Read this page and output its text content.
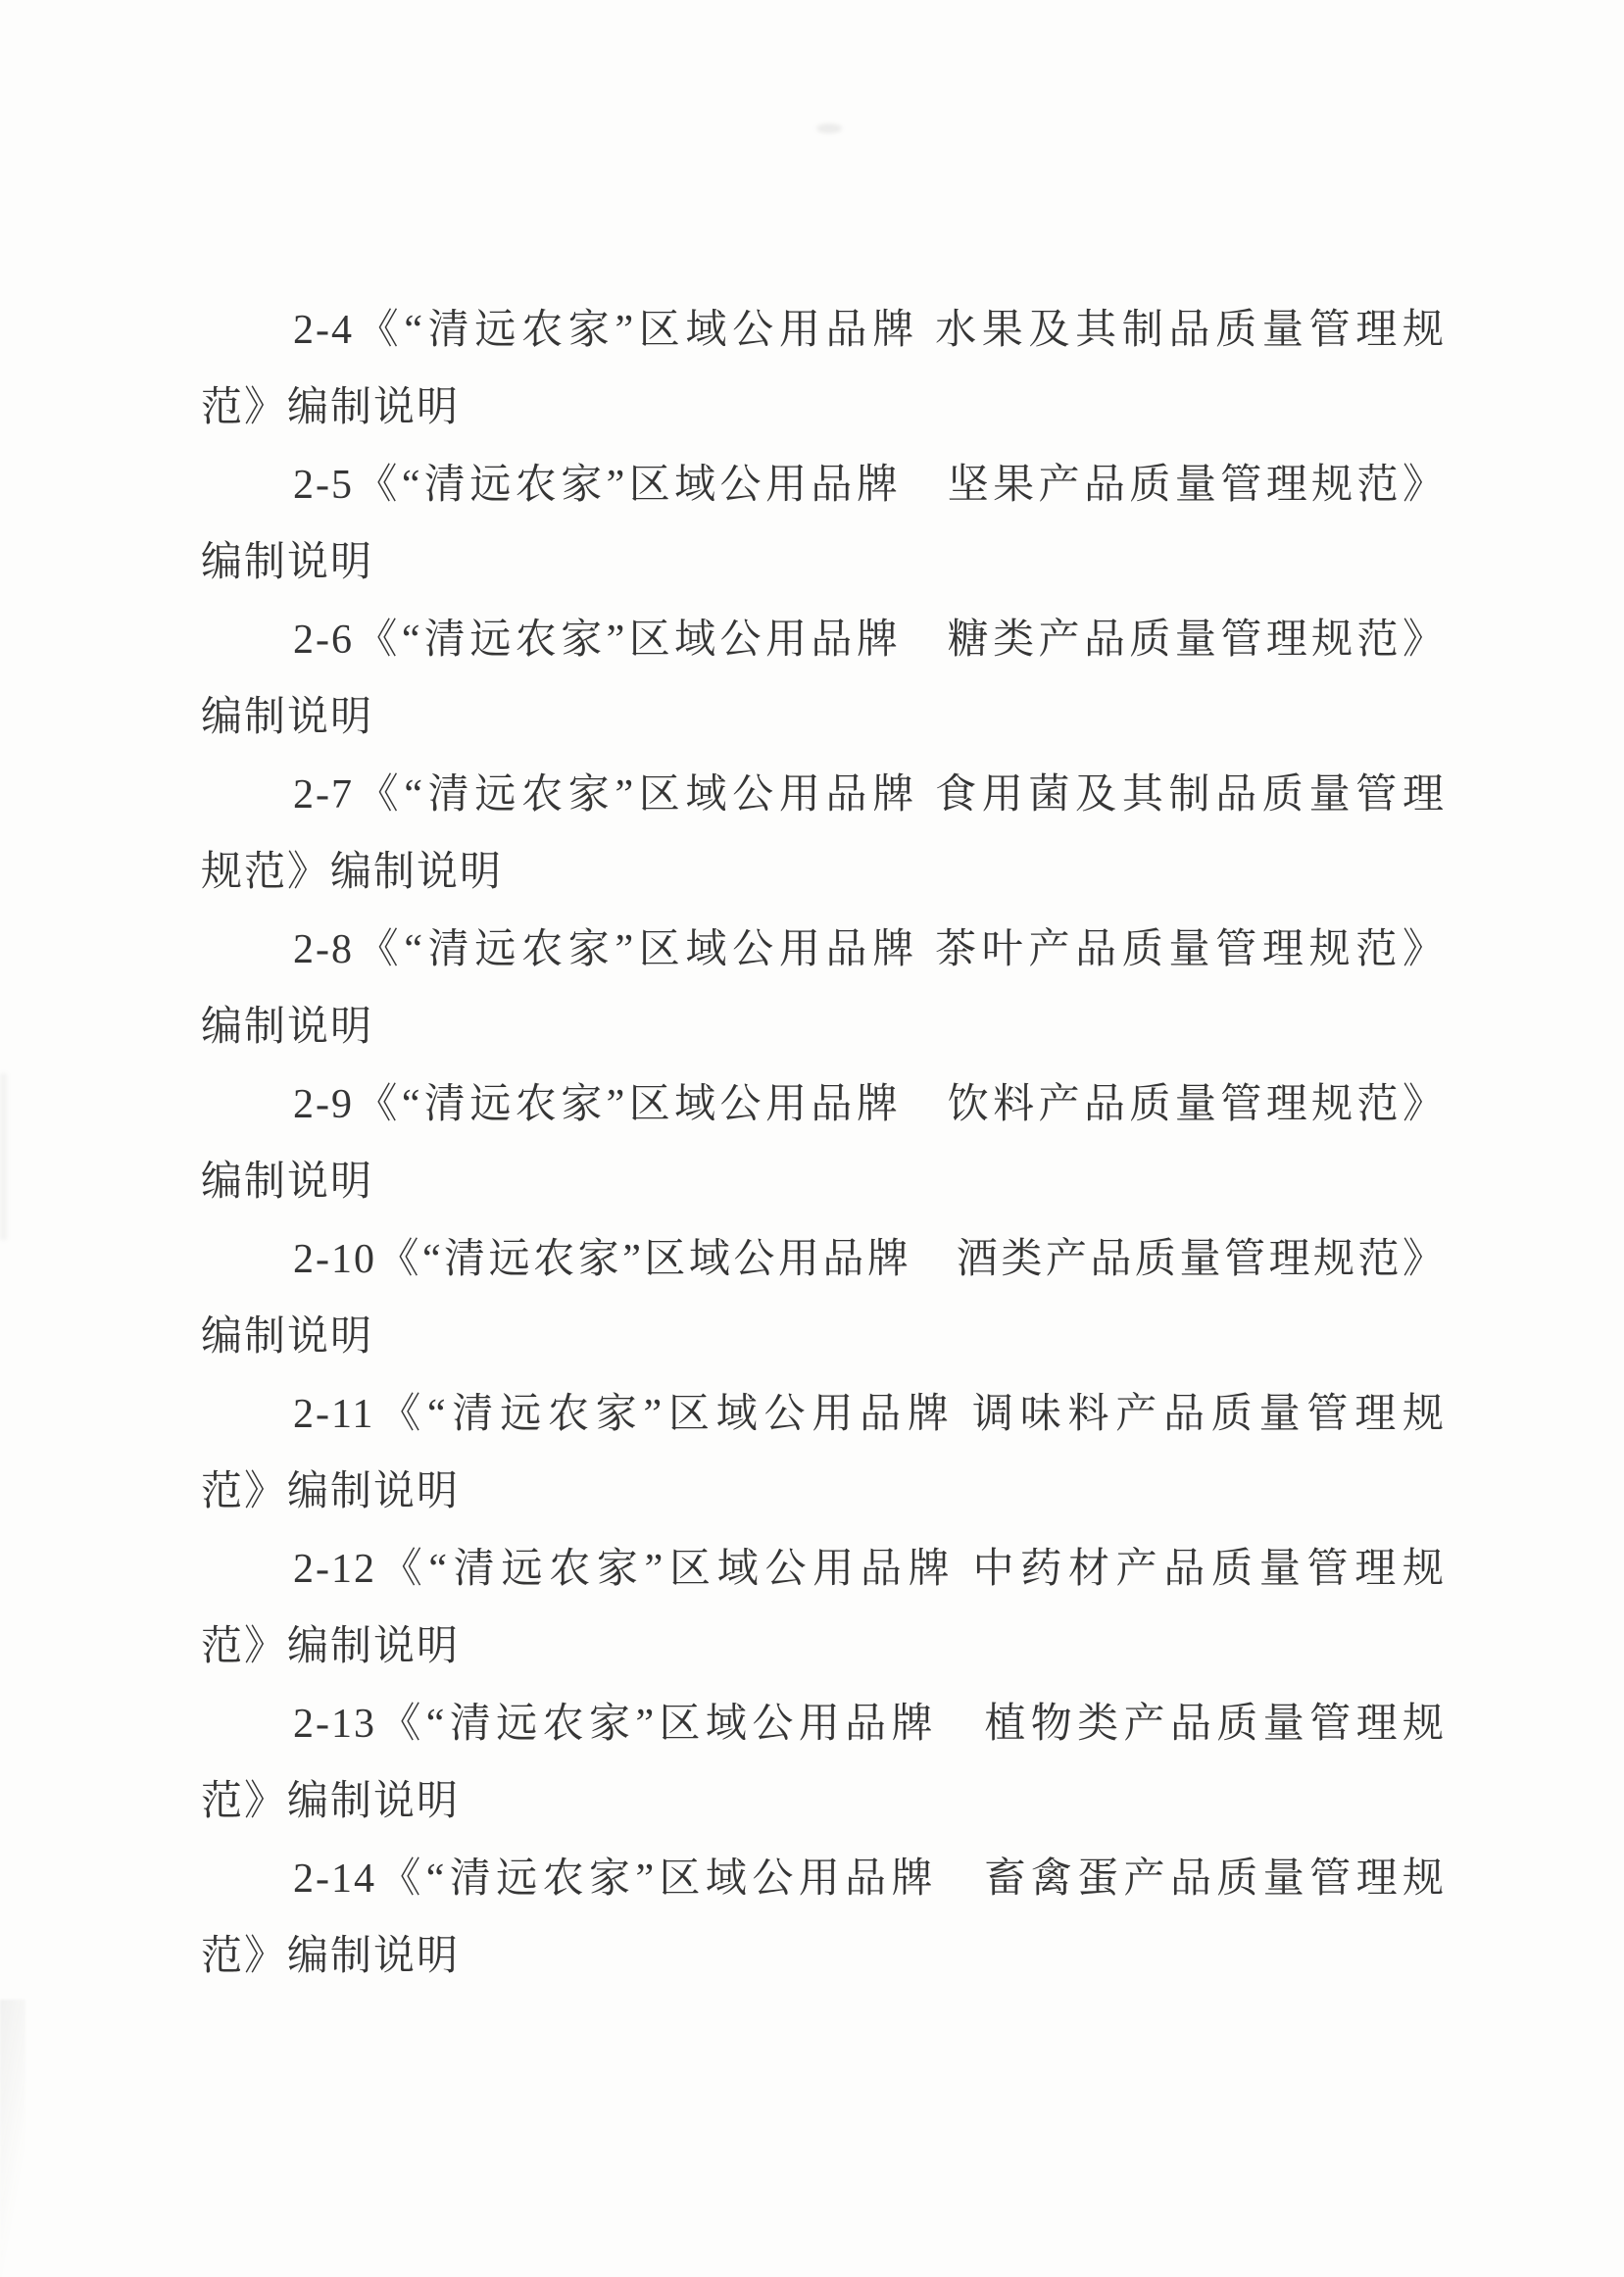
2-4《“清远农家”区域公用品牌 水果及其制品质量管理规
范》编制说明
2-5《“清远农家”区域公用品牌　坚果产品质量管理规范》
编制说明
2-6《“清远农家”区域公用品牌　糖类产品质量管理规范》
编制说明
2-7《“清远农家”区域公用品牌 食用菌及其制品质量管理
规范》编制说明
2-8《“清远农家”区域公用品牌 茶叶产品质量管理规范》
编制说明
2-9《“清远农家”区域公用品牌　饮料产品质量管理规范》
编制说明
2-10《“清远农家”区域公用品牌　酒类产品质量管理规范》
编制说明
2-11《“清远农家”区域公用品牌 调味料产品质量管理规
范》编制说明
2-12《“清远农家”区域公用品牌 中药材产品质量管理规
范》编制说明
2-13《“清远农家”区域公用品牌　植物类产品质量管理规
范》编制说明
2-14《“清远农家”区域公用品牌　畜禽蛋产品质量管理规
范》编制说明
